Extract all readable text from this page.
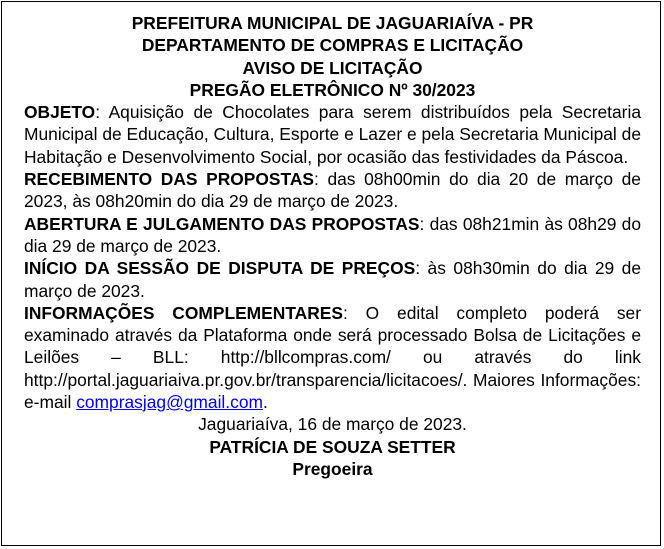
PREFEITURA MUNICIPAL DE JAGUARIAÍVA - PR
DEPARTAMENTO DE COMPRAS E LICITAÇÃO
AVISO DE LICITAÇÃO
PREGÃO ELETRÔNICO Nº 30/2023

OBJETO: Aquisição de Chocolates para serem distribuídos pela Secretaria Municipal de Educação, Cultura, Esporte e Lazer e pela Secretaria Municipal de Habitação e Desenvolvimento Social, por ocasião das festividades da Páscoa.

RECEBIMENTO DAS PROPOSTAS: das 08h00min do dia 20 de março de 2023, às 08h20min do dia 29 de março de 2023.

ABERTURA E JULGAMENTO DAS PROPOSTAS: das 08h21min às 08h29 do dia 29 de março de 2023.

INÍCIO DA SESSÃO DE DISPUTA DE PREÇOS: às 08h30min do dia 29 de março de 2023.

INFORMAÇÕES COMPLEMENTARES: O edital completo poderá ser examinado através da Plataforma onde será processado Bolsa de Licitações e Leilões – BLL: http://bllcompras.com/ ou através do link http://portal.jaguariaiva.pr.gov.br/transparencia/licitacoes/. Maiores Informações: e-mail comprasjag@gmail.com.

Jaguariaíva, 16 de março de 2023.

PATRÍCIA DE SOUZA SETTER

Pregoeira
